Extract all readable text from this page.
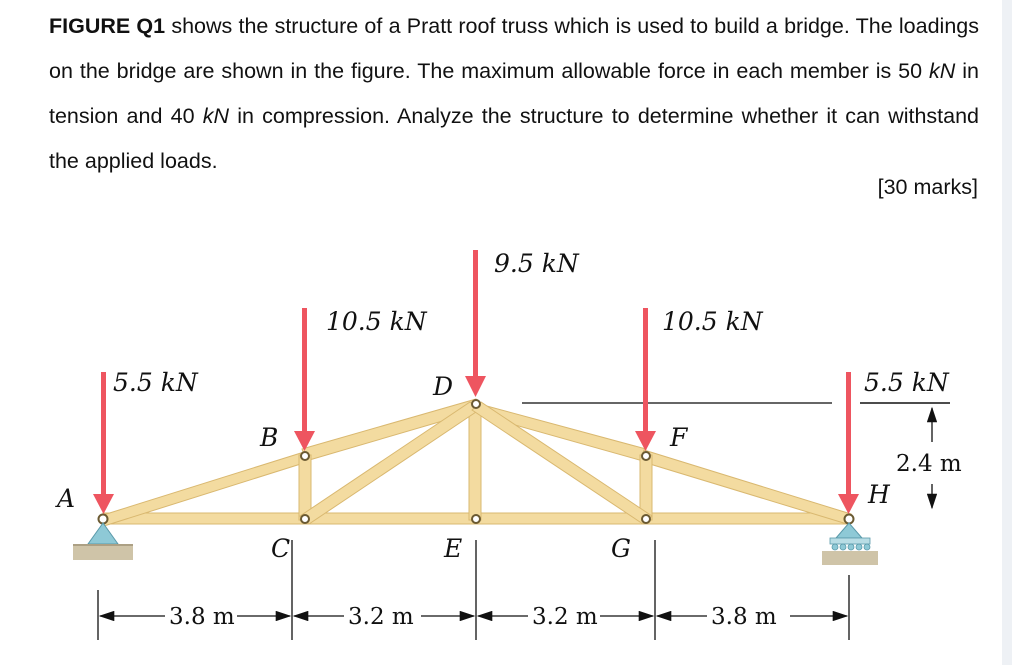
FIGURE Q1 shows the structure of a Pratt roof truss which is used to build a bridge. The loadings on the bridge are shown in the figure. The maximum allowable force in each member is 50 kN in tension and 40 kN in compression. Analyze the structure to determine whether it can withstand the applied loads.
[30 marks]
5.5 kN
10.5 kN
9.5 kN
10.5 kN
5.5 kN
A
B
C
D
E
F
G
H
2.4 m
3.8 m	3.2 m	3.2 m	3.8 m
